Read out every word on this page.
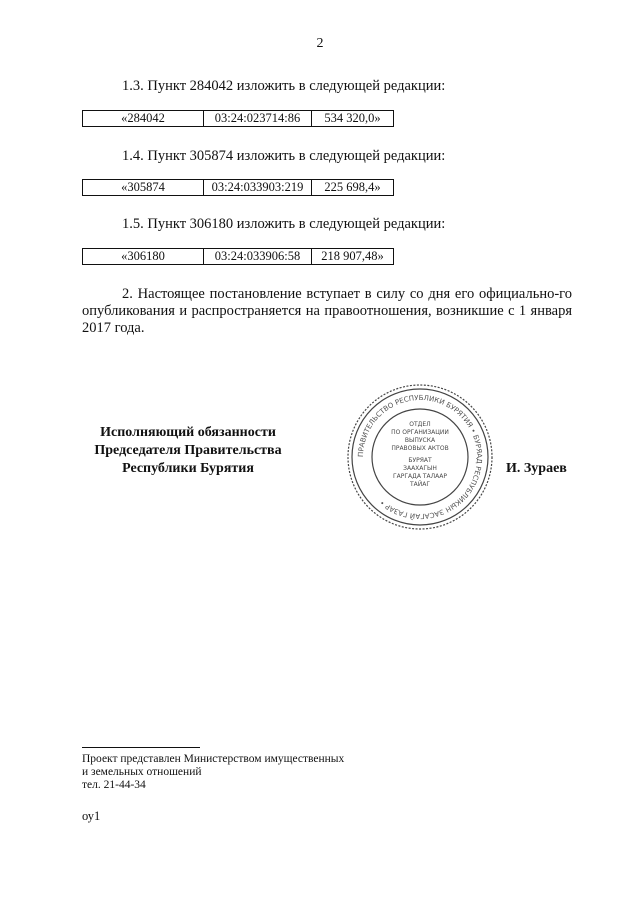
2
1.3. Пункт 284042 изложить в следующей редакции:
«284042	03:24:023714:86	534 320,0»
1.4. Пункт 305874 изложить в следующей редакции:
«305874	03:24:033903:219	225 698,4»
1.5. Пункт 306180 изложить в следующей редакции:
«306180	03:24:033906:58	218 907,48»
2. Настоящее постановление вступает в силу со дня его официально-го опубликования и распространяется на правоотношения, возникшие с 1 января 2017 года.
Исполняющий обязанности
Председателя Правительства
Республики Бурятия
ПРАВИТЕЛЬСТВО РЕСПУБЛИКИ БУРЯТИЯ • БУРЯАД РЕСПУБЛИКЫН ЗАСАГАЙ ГАЗАР •
ОТДЕЛ
ПО ОРГАНИЗАЦИИ
ВЫПУСКА
ПРАВОВЫХ АКТОВ
БУРЯАТ
ЗААХАГЫН
ГАРГАДА ТАЛААР
ТАЙАГ
И. Зураев
Проект представлен Министерством имущественных
и земельных отношений
тел. 21-44-34
оу1
